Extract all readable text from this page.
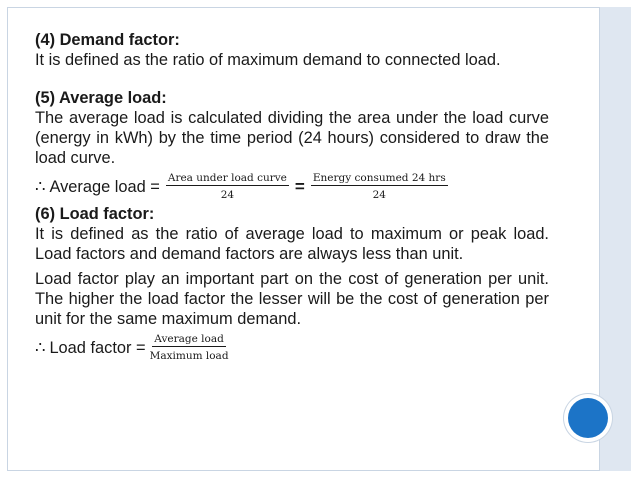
(4) Demand factor:

It is defined as the ratio of maximum demand to connected load.

(5) Average load:

The average load is calculated dividing the area under the load curve (energy in kWh) by the time period (24 hours) considered to draw the load curve.

∴ Average load = $\frac{\text{Area under load curve}}{24} = \frac{\text{Energy consumed 24 hrs}}{24}$

(6) Load factor:

It is defined as the ratio of average load to maximum or peak load. Load factors and demand factors are always less than unit.

Load factor play an important part on the cost of generation per unit. The higher the load factor the lesser will be the cost of generation per unit for the same maximum demand.

∴ Load factor = $\frac{\text{Average load}}{\text{Maximum load}}$
